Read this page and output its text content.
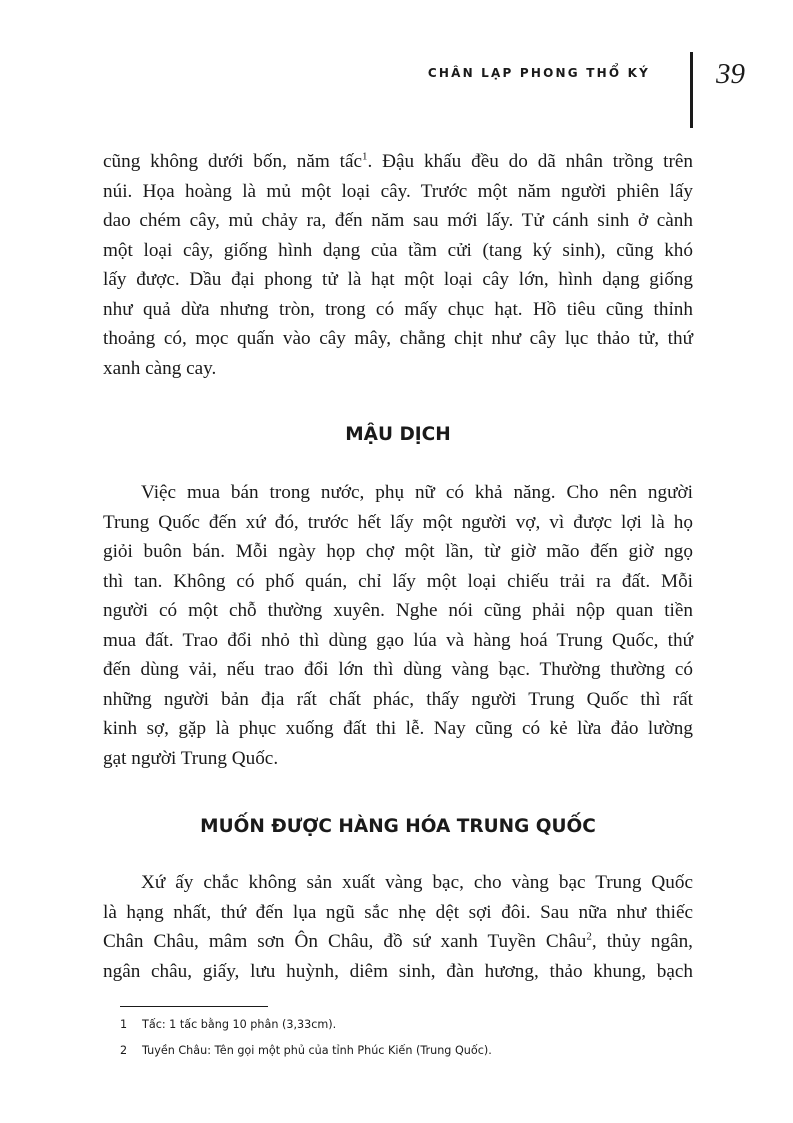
CHÂN LẠP PHONG THỔ KÝ 39
cũng không dưới bốn, năm tấc$^1$. Đậu khấu đều do dã nhân trồng trên
núi. Họa hoàng là mủ một loại cây. Trước một năm người phiên lấy
dao chém cây, mủ chảy ra, đến năm sau mới lấy. Tử cánh sinh ở cành
một loại cây, giống hình dạng của tầm cửi (tang ký sinh), cũng khó
lấy được. Dầu đại phong tử là hạt một loại cây lớn, hình dạng giống
như quả dừa nhưng tròn, trong có mấy chục hạt. Hồ tiêu cũng thỉnh
thoảng có, mọc quấn vào cây mây, chằng chịt như cây lục thảo tử, thứ
xanh càng cay.
MẬU DỊCH
Việc mua bán trong nước, phụ nữ có khả năng. Cho nên người
Trung Quốc đến xứ đó, trước hết lấy một người vợ, vì được lợi là họ
giỏi buôn bán. Mỗi ngày họp chợ một lần, từ giờ mão đến giờ ngọ
thì tan. Không có phố quán, chỉ lấy một loại chiếu trải ra đất. Mỗi
người có một chỗ thường xuyên. Nghe nói cũng phải nộp quan tiền
mua đất. Trao đổi nhỏ thì dùng gạo lúa và hàng hoá Trung Quốc, thứ
đến dùng vải, nếu trao đổi lớn thì dùng vàng bạc. Thường thường có
những người bản địa rất chất phác, thấy người Trung Quốc thì rất
kinh sợ, gặp là phục xuống đất thi lễ. Nay cũng có kẻ lừa đảo lường
gạt người Trung Quốc.
MUỐN ĐƯỢC HÀNG HÓA TRUNG QUỐC
Xứ ấy chắc không sản xuất vàng bạc, cho vàng bạc Trung Quốc
là hạng nhất, thứ đến lụa ngũ sắc nhẹ dệt sợi đôi. Sau nữa như thiếc
Chân Châu, mâm sơn Ôn Châu, đồ sứ xanh Tuyền Châu$^2$, thủy ngân,
ngân châu, giấy, lưu huỳnh, diêm sinh, đàn hương, thảo khung, bạch

1 Tấc: 1 tấc bằng 10 phân (3,33cm).

2 Tuyền Châu: Tên gọi một phủ của tỉnh Phúc Kiến (Trung Quốc).
